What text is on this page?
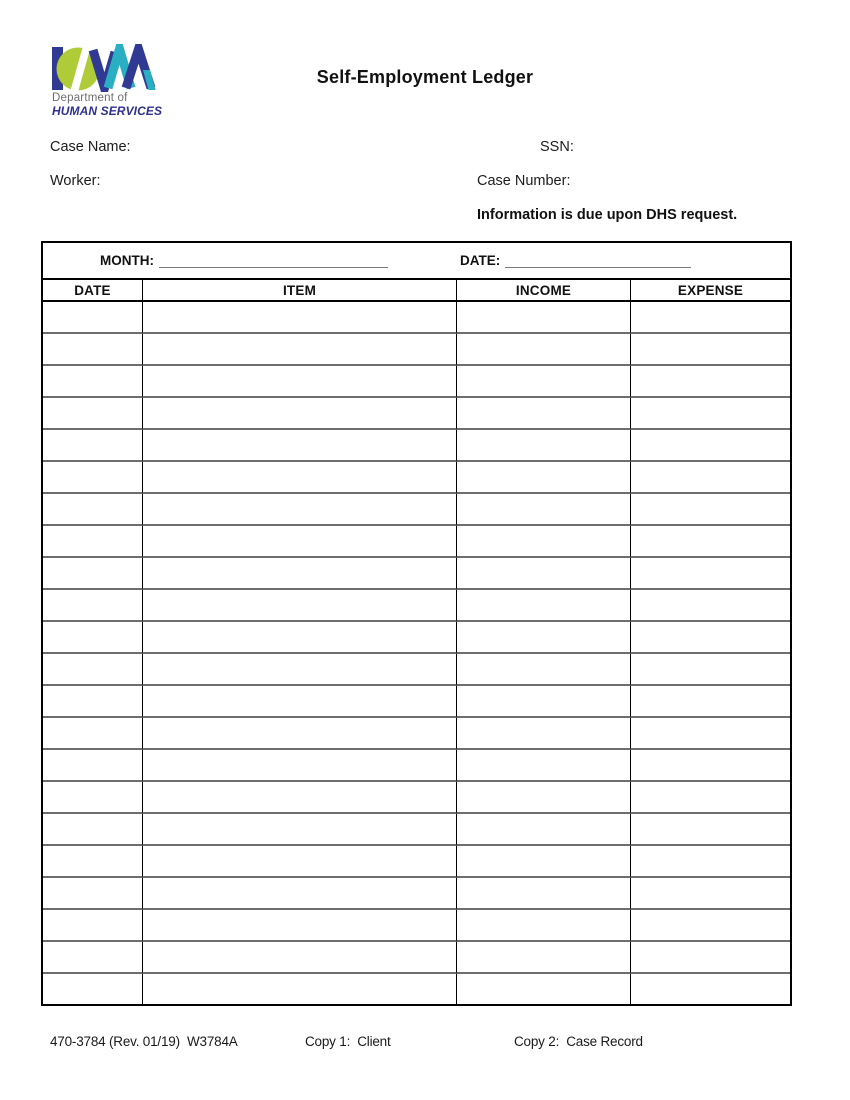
Department of
HUMAN SERVICES
Self-Employment Ledger
Case Name:	SSN:
Worker:	Case Number:
Information is due upon DHS request.
MONTH:	DATE:
DATE	ITEM	INCOME	EXPENSE

470-3784 (Rev. 01/19)  W3784A	Copy 1:  Client	Copy 2:  Case Record
